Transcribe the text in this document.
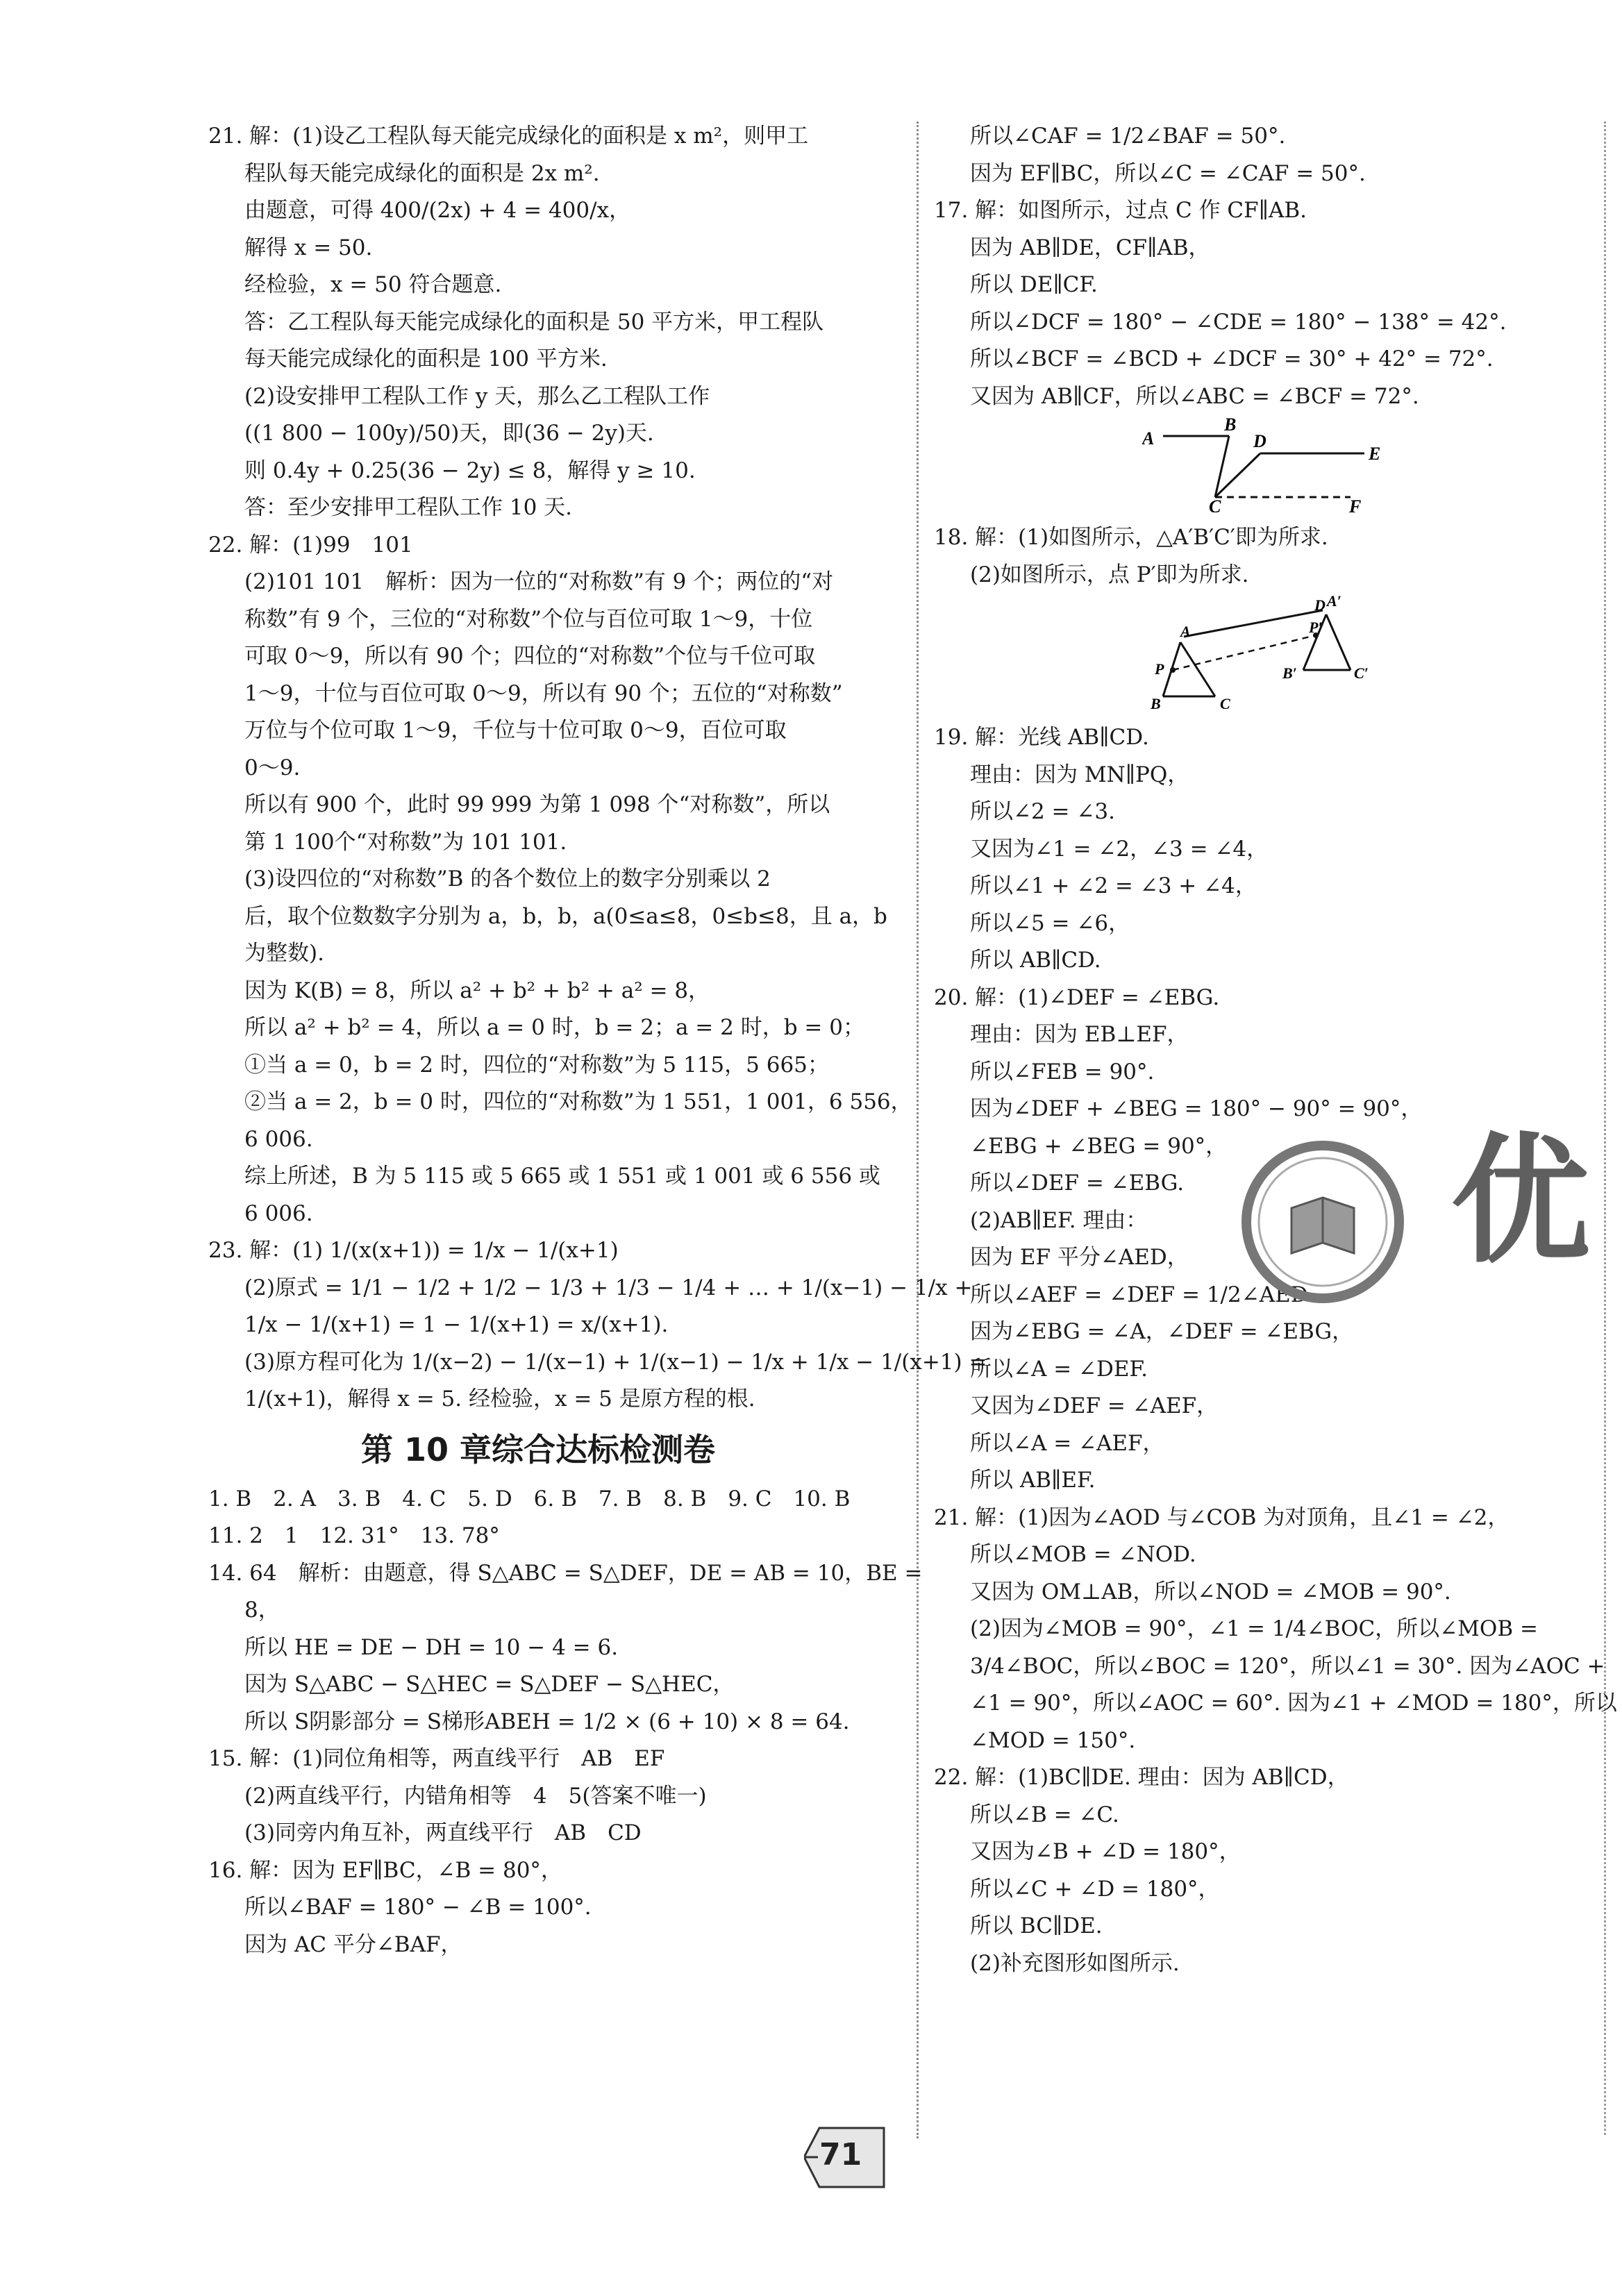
21. 解：(1)设乙工程队每天能完成绿化的面积是 x m²，则甲工
程队每天能完成绿化的面积是 2x m².
由题意，可得 400/(2x) + 4 = 400/x，
解得 x = 50.
经检验，x = 50 符合题意.
答：乙工程队每天能完成绿化的面积是 50 平方米，甲工程队
每天能完成绿化的面积是 100 平方米.
(2)设安排甲工程队工作 y 天，那么乙工程队工作
((1 800 − 100y)/50)天，即(36 − 2y)天.
则 0.4y + 0.25(36 − 2y) ≤ 8，解得 y ≥ 10.
答：至少安排甲工程队工作 10 天.
22. 解：(1)99　101
(2)101 101　解析：因为一位的“对称数”有 9 个；两位的“对
称数”有 9 个，三位的“对称数”个位与百位可取 1～9，十位
可取 0～9，所以有 90 个；四位的“对称数”个位与千位可取
1～9，十位与百位可取 0～9，所以有 90 个；五位的“对称数”
万位与个位可取 1～9，千位与十位可取 0～9，百位可取
0～9.
所以有 900 个，此时 99 999 为第 1 098 个“对称数”，所以
第 1 100个“对称数”为 101 101.
(3)设四位的“对称数”B 的各个数位上的数字分别乘以 2
后，取个位数数字分别为 a，b，b，a(0≤a≤8，0≤b≤8，且 a，b
为整数).
因为 K(B) = 8，所以 a² + b² + b² + a² = 8，
所以 a² + b² = 4，所以 a = 0 时，b = 2；a = 2 时，b = 0；
①当 a = 0，b = 2 时，四位的“对称数”为 5 115，5 665；
②当 a = 2，b = 0 时，四位的“对称数”为 1 551，1 001，6 556，
6 006.
综上所述，B 为 5 115 或 5 665 或 1 551 或 1 001 或 6 556 或
6 006.
23. 解：(1) 1/(x(x+1)) = 1/x − 1/(x+1)
(2)原式 = 1/1 − 1/2 + 1/2 − 1/3 + 1/3 − 1/4 + … + 1/(x−1) − 1/x +
1/x − 1/(x+1) = 1 − 1/(x+1) = x/(x+1).
(3)原方程可化为 1/(x−2) − 1/(x−1) + 1/(x−1) − 1/x + 1/x − 1/(x+1) =
1/(x+1)，解得 x = 5. 经检验，x = 5 是原方程的根.
第 10 章综合达标检测卷
1. B　2. A　3. B　4. C　5. D　6. B　7. B　8. B　9. C　10. B
11. 2　1　12. 31°　13. 78°
14. 64　解析：由题意，得 S△ABC = S△DEF，DE = AB = 10，BE =
8，
所以 HE = DE − DH = 10 − 4 = 6.
因为 S△ABC − S△HEC = S△DEF − S△HEC，
所以 S阴影部分 = S梯形ABEH = 1/2 × (6 + 10) × 8 = 64.
15. 解：(1)同位角相等，两直线平行　AB　EF
(2)两直线平行，内错角相等　4　5(答案不唯一)
(3)同旁内角互补，两直线平行　AB　CD
16. 解：因为 EF∥BC，∠B = 80°，
所以∠BAF = 180° − ∠B = 100°.
因为 AC 平分∠BAF，
所以∠CAF = 1/2∠BAF = 50°.
因为 EF∥BC，所以∠C = ∠CAF = 50°.
17. 解：如图所示，过点 C 作 CF∥AB.
因为 AB∥DE，CF∥AB，
所以 DE∥CF.
所以∠DCF = 180° − ∠CDE = 180° − 138° = 42°.
所以∠BCF = ∠BCD + ∠DCF = 30° + 42° = 72°.
又因为 AB∥CF，所以∠ABC = ∠BCF = 72°.
A
B
D
E
C	F
18. 解：(1)如图所示，△A′B′C′即为所求.
(2)如图所示，点 P′即为所求.
D A′
A	P′
P	B′	C′
B	C
19. 解：光线 AB∥CD.
理由：因为 MN∥PQ，
所以∠2 = ∠3.
又因为∠1 = ∠2，∠3 = ∠4，
所以∠1 + ∠2 = ∠3 + ∠4，
所以∠5 = ∠6，
所以 AB∥CD.
20. 解：(1)∠DEF = ∠EBG.
理由：因为 EB⊥EF，
所以∠FEB = 90°.
因为∠DEF + ∠BEG = 180° − 90° = 90°，
∠EBG + ∠BEG = 90°，
所以∠DEF = ∠EBG.
(2)AB∥EF. 理由：
因为 EF 平分∠AED，
所以∠AEF = ∠DEF = 1/2∠AED.
因为∠EBG = ∠A，∠DEF = ∠EBG，
所以∠A = ∠DEF.
又因为∠DEF = ∠AEF，
所以∠A = ∠AEF，
所以 AB∥EF.
21. 解：(1)因为∠AOD 与∠COB 为对顶角，且∠1 = ∠2，
所以∠MOB = ∠NOD.
又因为 OM⊥AB，所以∠NOD = ∠MOB = 90°.
(2)因为∠MOB = 90°，∠1 = 1/4∠BOC，所以∠MOB =
3/4∠BOC，所以∠BOC = 120°，所以∠1 = 30°. 因为∠AOC +
∠1 = 90°，所以∠AOC = 60°. 因为∠1 + ∠MOD = 180°，所以
∠MOD = 150°.
22. 解：(1)BC∥DE. 理由：因为 AB∥CD，
所以∠B = ∠C.
又因为∠B + ∠D = 180°，
所以∠C + ∠D = 180°，
所以 BC∥DE.
(2)补充图形如图所示.
优
71
